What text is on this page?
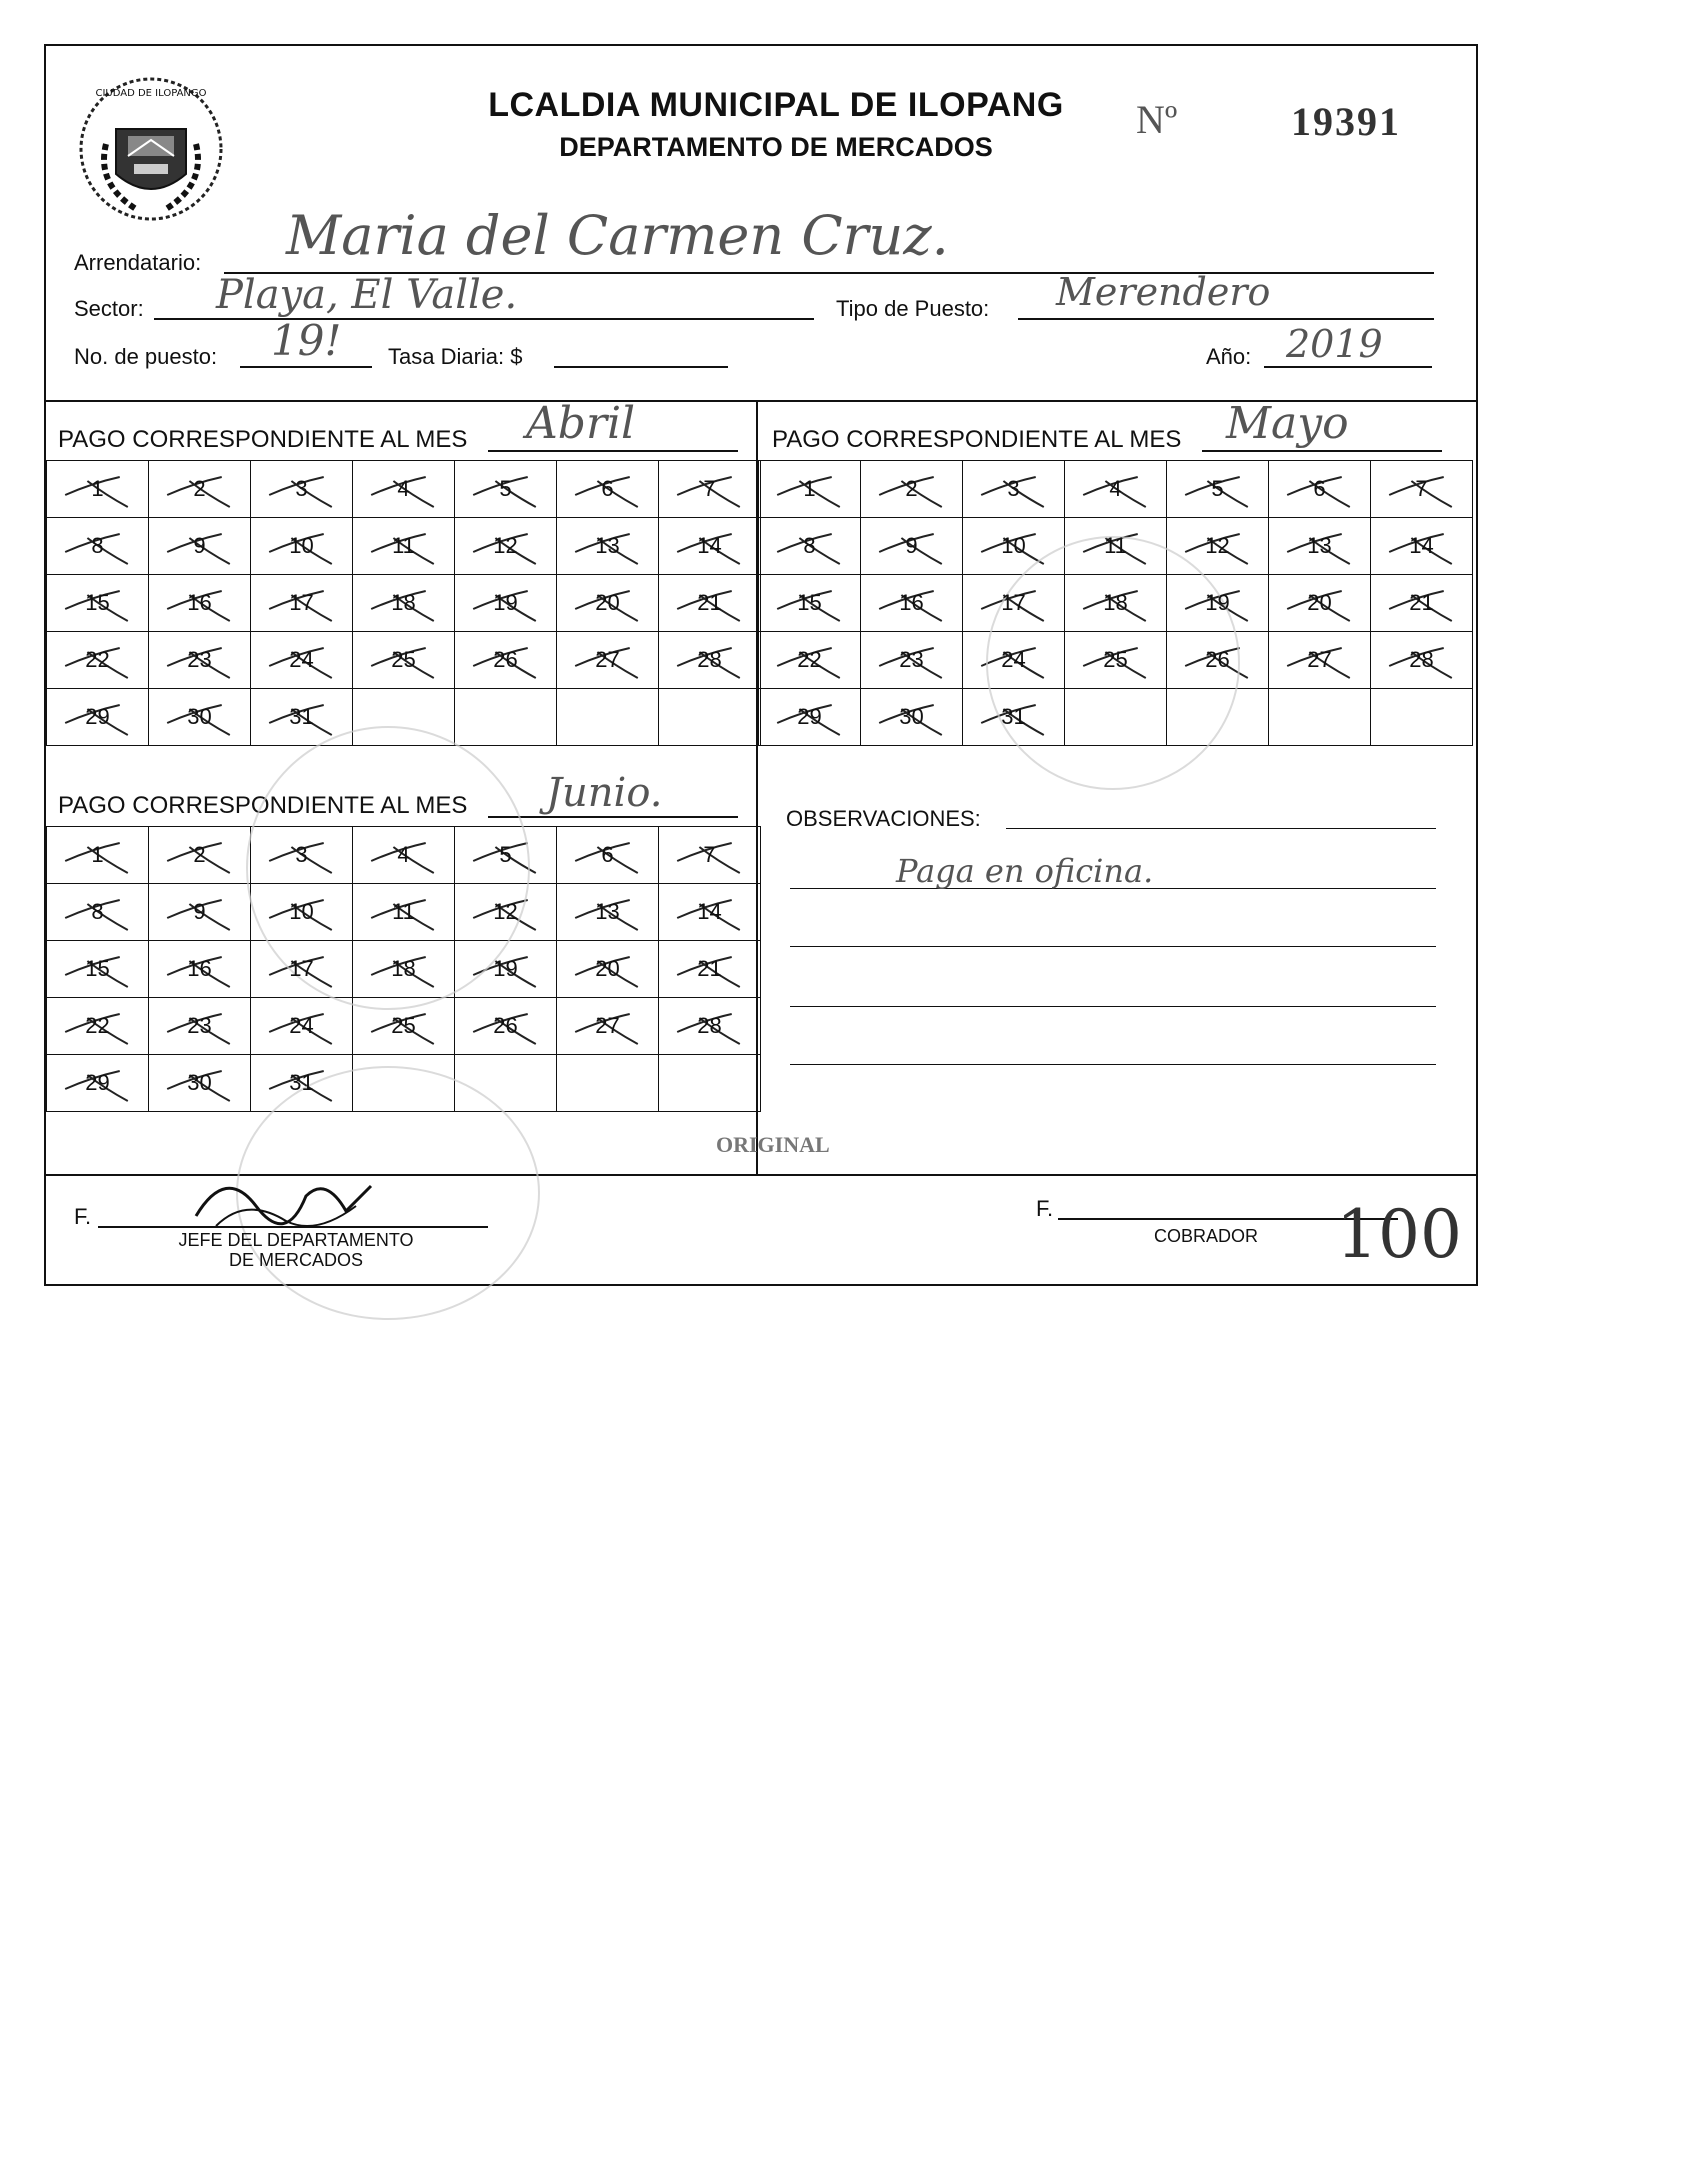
CIUDAD DE ILOPANGO	LCALDIA MUNICIPAL DE ILOPANG
DEPARTAMENTO DE MERCADOS
Nº	19391
Arrendatario: Maria del Carmen Cruz.
Sector: Playa, El Valle.	Tipo de Puesto: Merendero
No. de puesto: 19! Tasa Diaria: $	Año: 2019
PAGO CORRESPONDIENTE AL MES Abril	PAGO CORRESPONDIENTE AL MES Mayo
PAGO CORRESPONDIENTE AL MES Junio.
1	2	3	4	5	6	7

8	9	10	11	12	13	14

15	16	17	18	19	20	21

22	23	24	25	26	27	28

29	30	31

1	2	3	4	5	6	7

8	9	10	11	12	13	14

15	16	17	18	19	20	21

22	23	24	25	26	27	28

29	30	31

1	2	3	4	5	6	7

8	9	10	11	12	13	14

15	16	17	18	19	20	21

22	23	24	25	26	27	28

29	30	31

OBSERVACIONES:
Paga en oficina.
ORIGINAL
F.
JEFE DEL DEPARTAMENTO
DE MERCADOS
F.
COBRADOR	100
